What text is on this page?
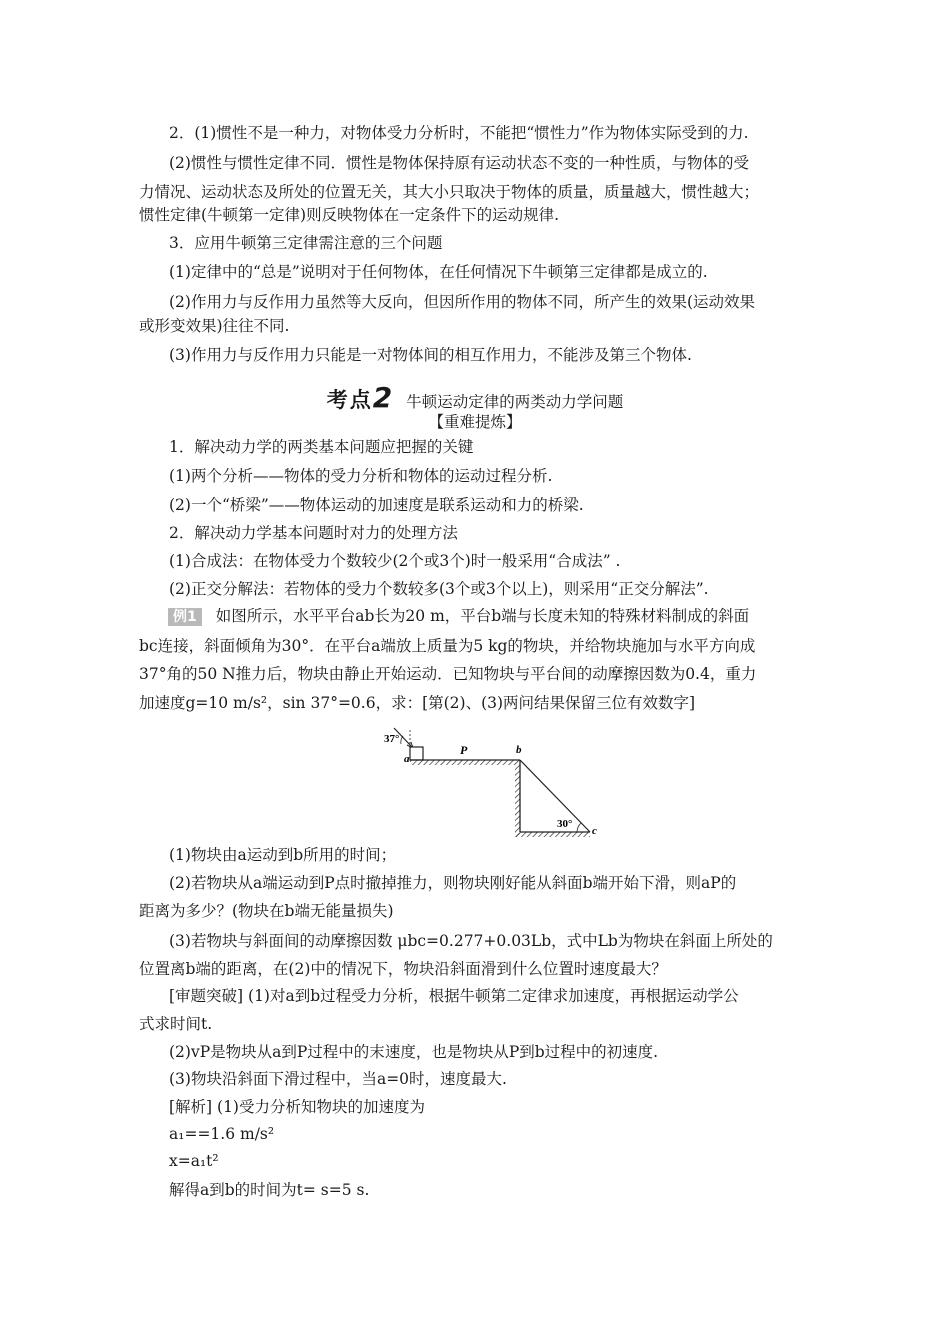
2．(1)惯性不是一种力，对物体受力分析时，不能把“惯性力”作为物体实际受到的力.
(2)惯性与惯性定律不同．惯性是物体保持原有运动状态不变的一种性质，与物体的受
力情况、运动状态及所处的位置无关，其大小只取决于物体的质量，质量越大，惯性越大；
惯性定律(牛顿第一定律)则反映物体在一定条件下的运动规律.
3．应用牛顿第三定律需注意的三个问题
(1)定律中的“总是”说明对于任何物体，在任何情况下牛顿第三定律都是成立的.
(2)作用力与反作用力虽然等大反向，但因所作用的物体不同，所产生的效果(运动效果
或形变效果)往往不同.
(3)作用力与反作用力只能是一对物体间的相互作用力，不能涉及第三个物体.
考点2 牛顿运动定律的两类动力学问题
【重难提炼】
1．解决动力学的两类基本问题应把握的关键
(1)两个分析——物体的受力分析和物体的运动过程分析.
(2)一个“桥梁”——物体运动的加速度是联系运动和力的桥梁.
2．解决动力学基本问题时对力的处理方法
(1)合成法：在物体受力个数较少(2个或3个)时一般采用“合成法” .
(2)正交分解法：若物体的受力个数较多(3个或3个以上)，则采用“正交分解法”.
例1 如图所示，水平平台ab长为20 m，平台b端与长度未知的特殊材料制成的斜面
bc连接，斜面倾角为30°．在平台a端放上质量为5 kg的物块，并给物块施加与水平方向成
37°角的50 N推力后，物块由静止开始运动．已知物块与平台间的动摩擦因数为0.4，重力
加速度g=10 m/s²，sin 37°=0.6，求：[第(2)、(3)两问结果保留三位有效数字]
37°
a
P	b
30°
c
(1)物块由a运动到b所用的时间；
(2)若物块从a端运动到P点时撤掉推力，则物块刚好能从斜面b端开始下滑，则aP的
距离为多少？(物块在b端无能量损失)
(3)若物块与斜面间的动摩擦因数 μbc=0.277+0.03Lb，式中Lb为物块在斜面上所处的
位置离b端的距离，在(2)中的情况下，物块沿斜面滑到什么位置时速度最大？
[审题突破] (1)对a到b过程受力分析，根据牛顿第二定律求加速度，再根据运动学公
式求时间t.
(2)vP是物块从a到P过程中的末速度，也是物块从P到b过程中的初速度.
(3)物块沿斜面下滑过程中，当a=0时，速度最大.
[解析] (1)受力分析知物块的加速度为
a₁==1.6 m/s²
x=a₁t²
解得a到b的时间为t= s=5 s.
